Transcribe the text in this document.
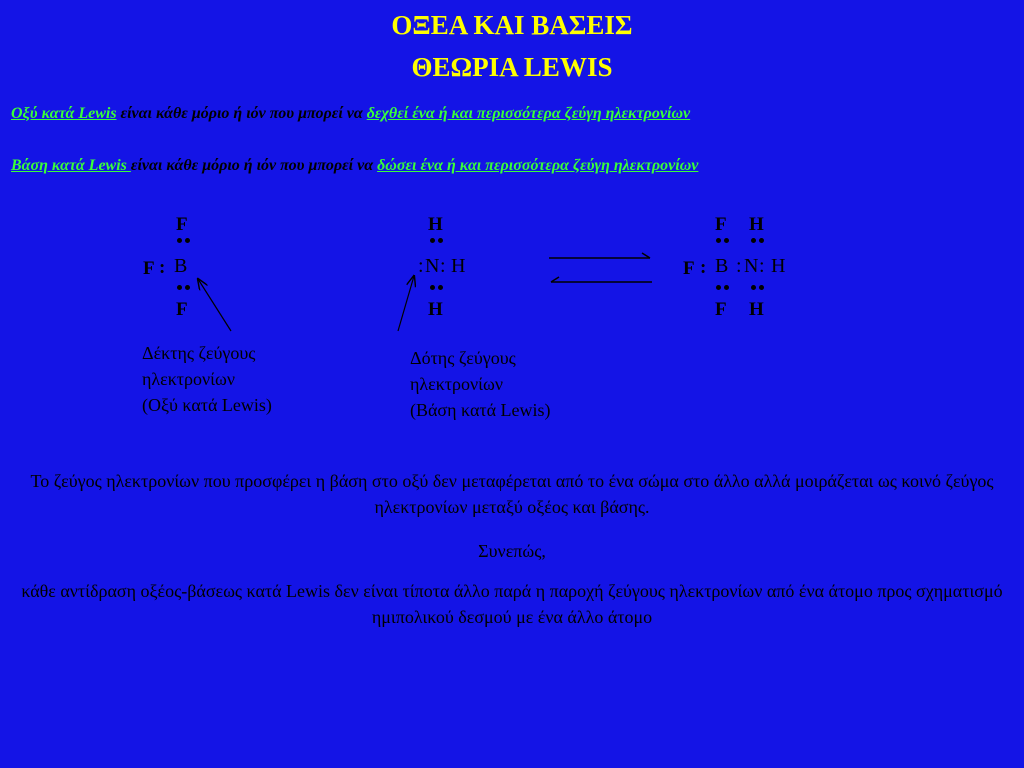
ΟΞΕΑ ΚΑΙ ΒΑΣΕΙΣ
ΘΕΩΡΙΑ LEWIS
Οξύ κατά Lewis είναι κάθε μόριο ή ιόν που μπορεί να δεχθεί ένα ή και περισσότερα ζεύγη ηλεκτρονίων
Βάση κατά Lewis είναι κάθε μόριο ή ιόν που μπορεί να δώσει ένα ή και περισσότερα ζεύγη ηλεκτρονίων
F
F : B
F
H
: N : H
H
F H
F : B : N : H
F H
Δέκτης ζεύγους
ηλεκτρονίων
(Οξύ κατά Lewis)
Δότης ζεύγους
ηλεκτρονίων
(Βάση κατά Lewis)
Το ζεύγος ηλεκτρονίων που προσφέρει η βάση στο οξύ δεν μεταφέρεται από το ένα σώμα στο άλλο αλλά μοιράζεται ως κοινό ζεύγος ηλεκτρονίων μεταξύ οξέος και βάσης.
Συνεπώς,
κάθε αντίδραση οξέος-βάσεως κατά Lewis δεν είναι τίποτα άλλο παρά η παροχή ζεύγους ηλεκτρονίων από ένα άτομο προς σχηματισμό ημιπολικού δεσμού με ένα άλλο άτομο
